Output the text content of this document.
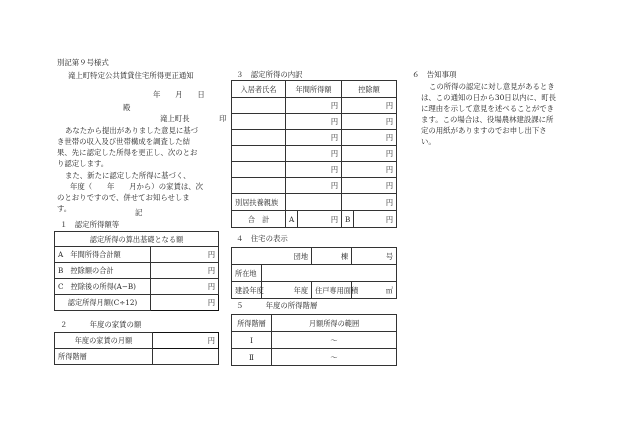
別記第９号様式
滝上町特定公共賃貸住宅所得更正通知
年　　月　　日
殿
滝上町長　　　　印
あなたから提出がありました意見に基づ
き世帯の収入及び世帯構成を調査した結
果、先に認定した所得を更正し、次のとお
り認定します。
また、新たに認定した所得に基づく、
年度（　　年　　月から）の家賃は、次
のとおりですので、併せてお知らせしま
す。	記
１　認定所得額等
認定所得の算出基礎となる額	
A　年間所得合計額	円
B　控除額の合計	円
C　控除後の所得(A−B)	円
認定所得月額(C÷12)	円
２　　　年度の家賃の額
年度の家賃の月額	円
所得階層	
３　認定所得の内訳
入居者氏名	年間所得額		控除額	
	円		円	
	円		円	
	円		円	
	円		円	
	円		円	
	円		円	
別居扶養親族			円	
合　計	A	円	B	円
４　住宅の表示
団地		棟	号
所在地			
建設年度	年度	住戸専用面積	㎡
５　　　年度の所得階層
所得階層	月額所得の範囲
Ⅰ	～
Ⅱ	～
６　告知事項
この所得の認定に対し意見があるとき
は、この通知の日から30日以内に、町長
に理由を示して意見を述べることができ
ます。この場合は、役場農林建設課に所
定の用紙がありますのでお申し出下さ
い。
